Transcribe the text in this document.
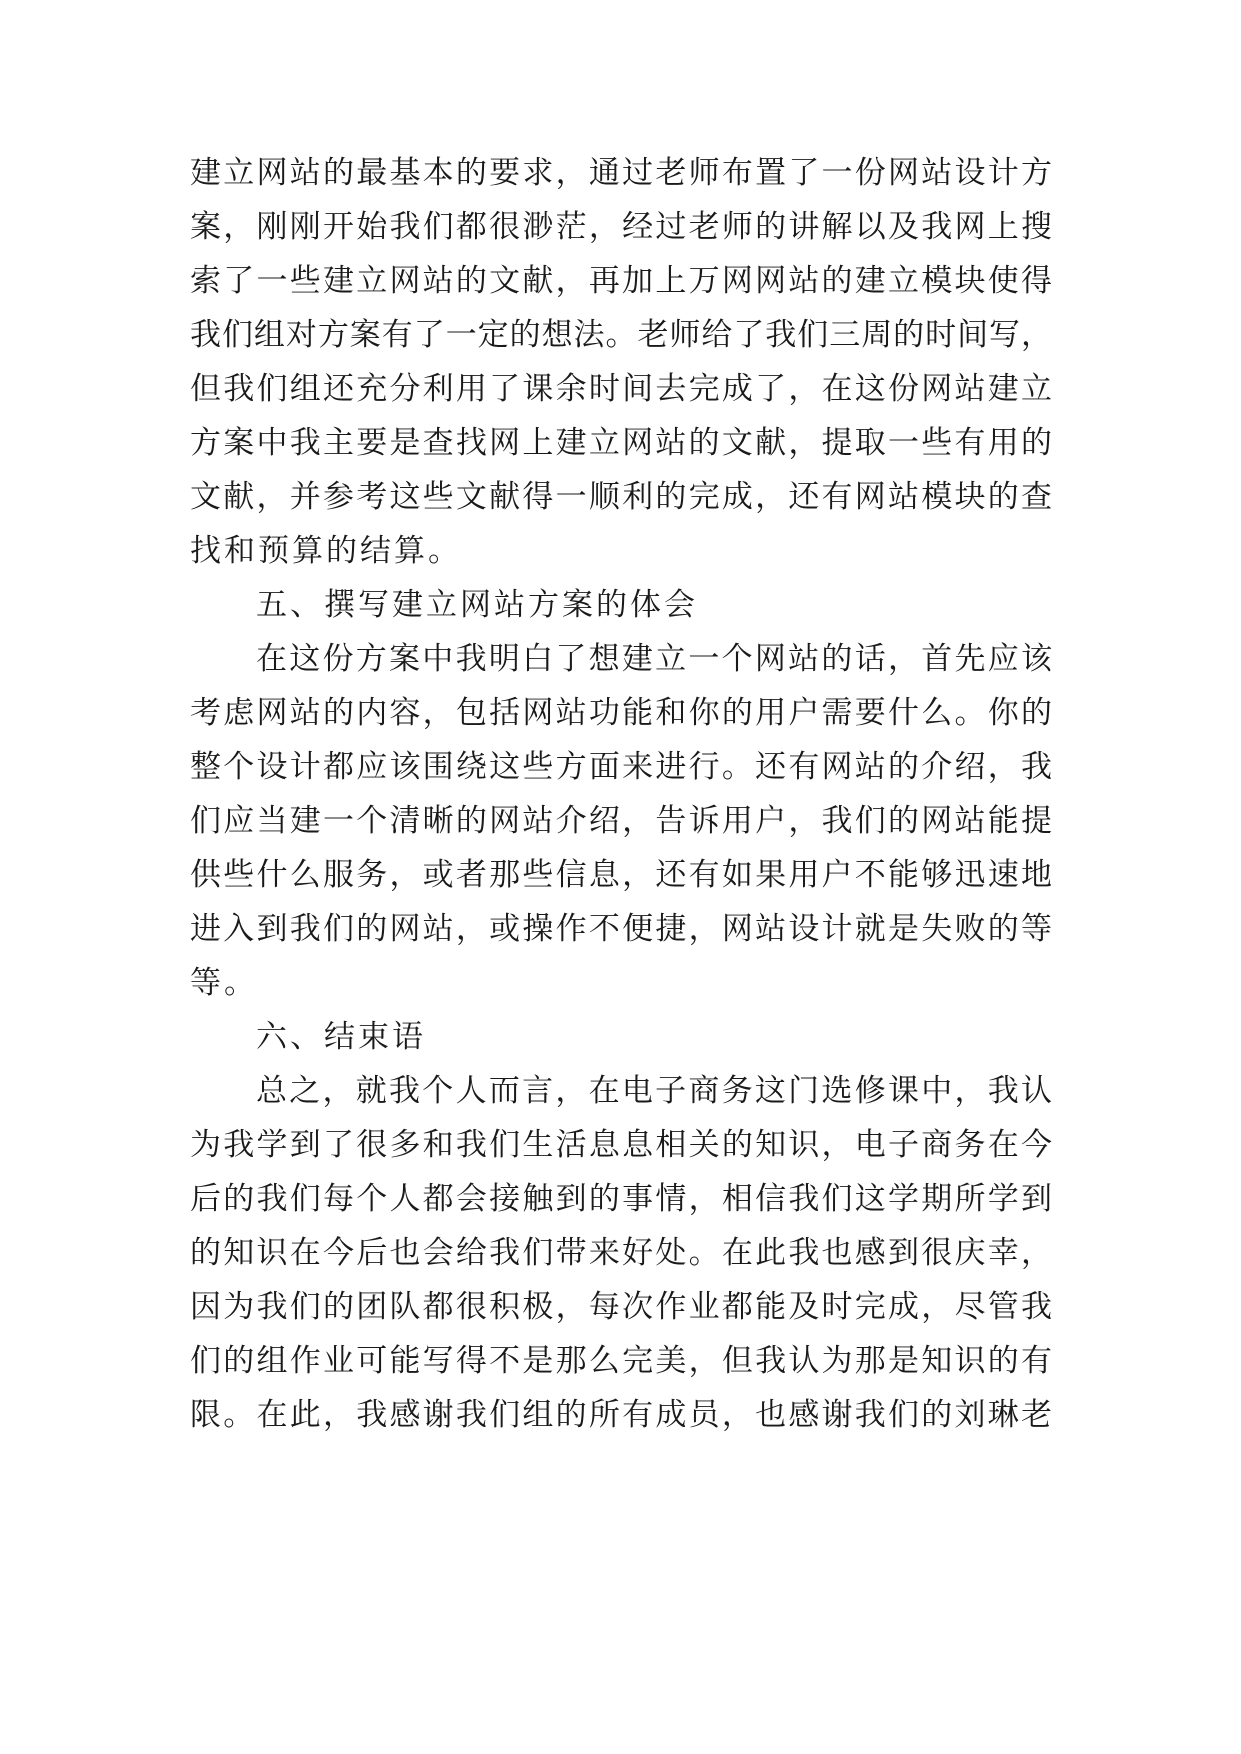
建立网站的最基本的要求，通过老师布置了一份网站设计方
案，刚刚开始我们都很渺茫，经过老师的讲解以及我网上搜
索了一些建立网站的文献，再加上万网网站的建立模块使得
我们组对方案有了一定的想法。老师给了我们三周的时间写，
但我们组还充分利用了课余时间去完成了，在这份网站建立
方案中我主要是查找网上建立网站的文献，提取一些有用的
文献，并参考这些文献得一顺利的完成，还有网站模块的查
找和预算的结算。
五、撰写建立网站方案的体会
在这份方案中我明白了想建立一个网站的话，首先应该
考虑网站的内容，包括网站功能和你的用户需要什么。你的
整个设计都应该围绕这些方面来进行。还有网站的介绍，我
们应当建一个清晰的网站介绍，告诉用户，我们的网站能提
供些什么服务，或者那些信息，还有如果用户不能够迅速地
进入到我们的网站，或操作不便捷，网站设计就是失败的等
等。
六、结束语
总之，就我个人而言，在电子商务这门选修课中，我认
为我学到了很多和我们生活息息相关的知识，电子商务在今
后的我们每个人都会接触到的事情，相信我们这学期所学到
的知识在今后也会给我们带来好处。在此我也感到很庆幸，
因为我们的团队都很积极，每次作业都能及时完成，尽管我
们的组作业可能写得不是那么完美，但我认为那是知识的有
限。在此，我感谢我们组的所有成员，也感谢我们的刘琳老
